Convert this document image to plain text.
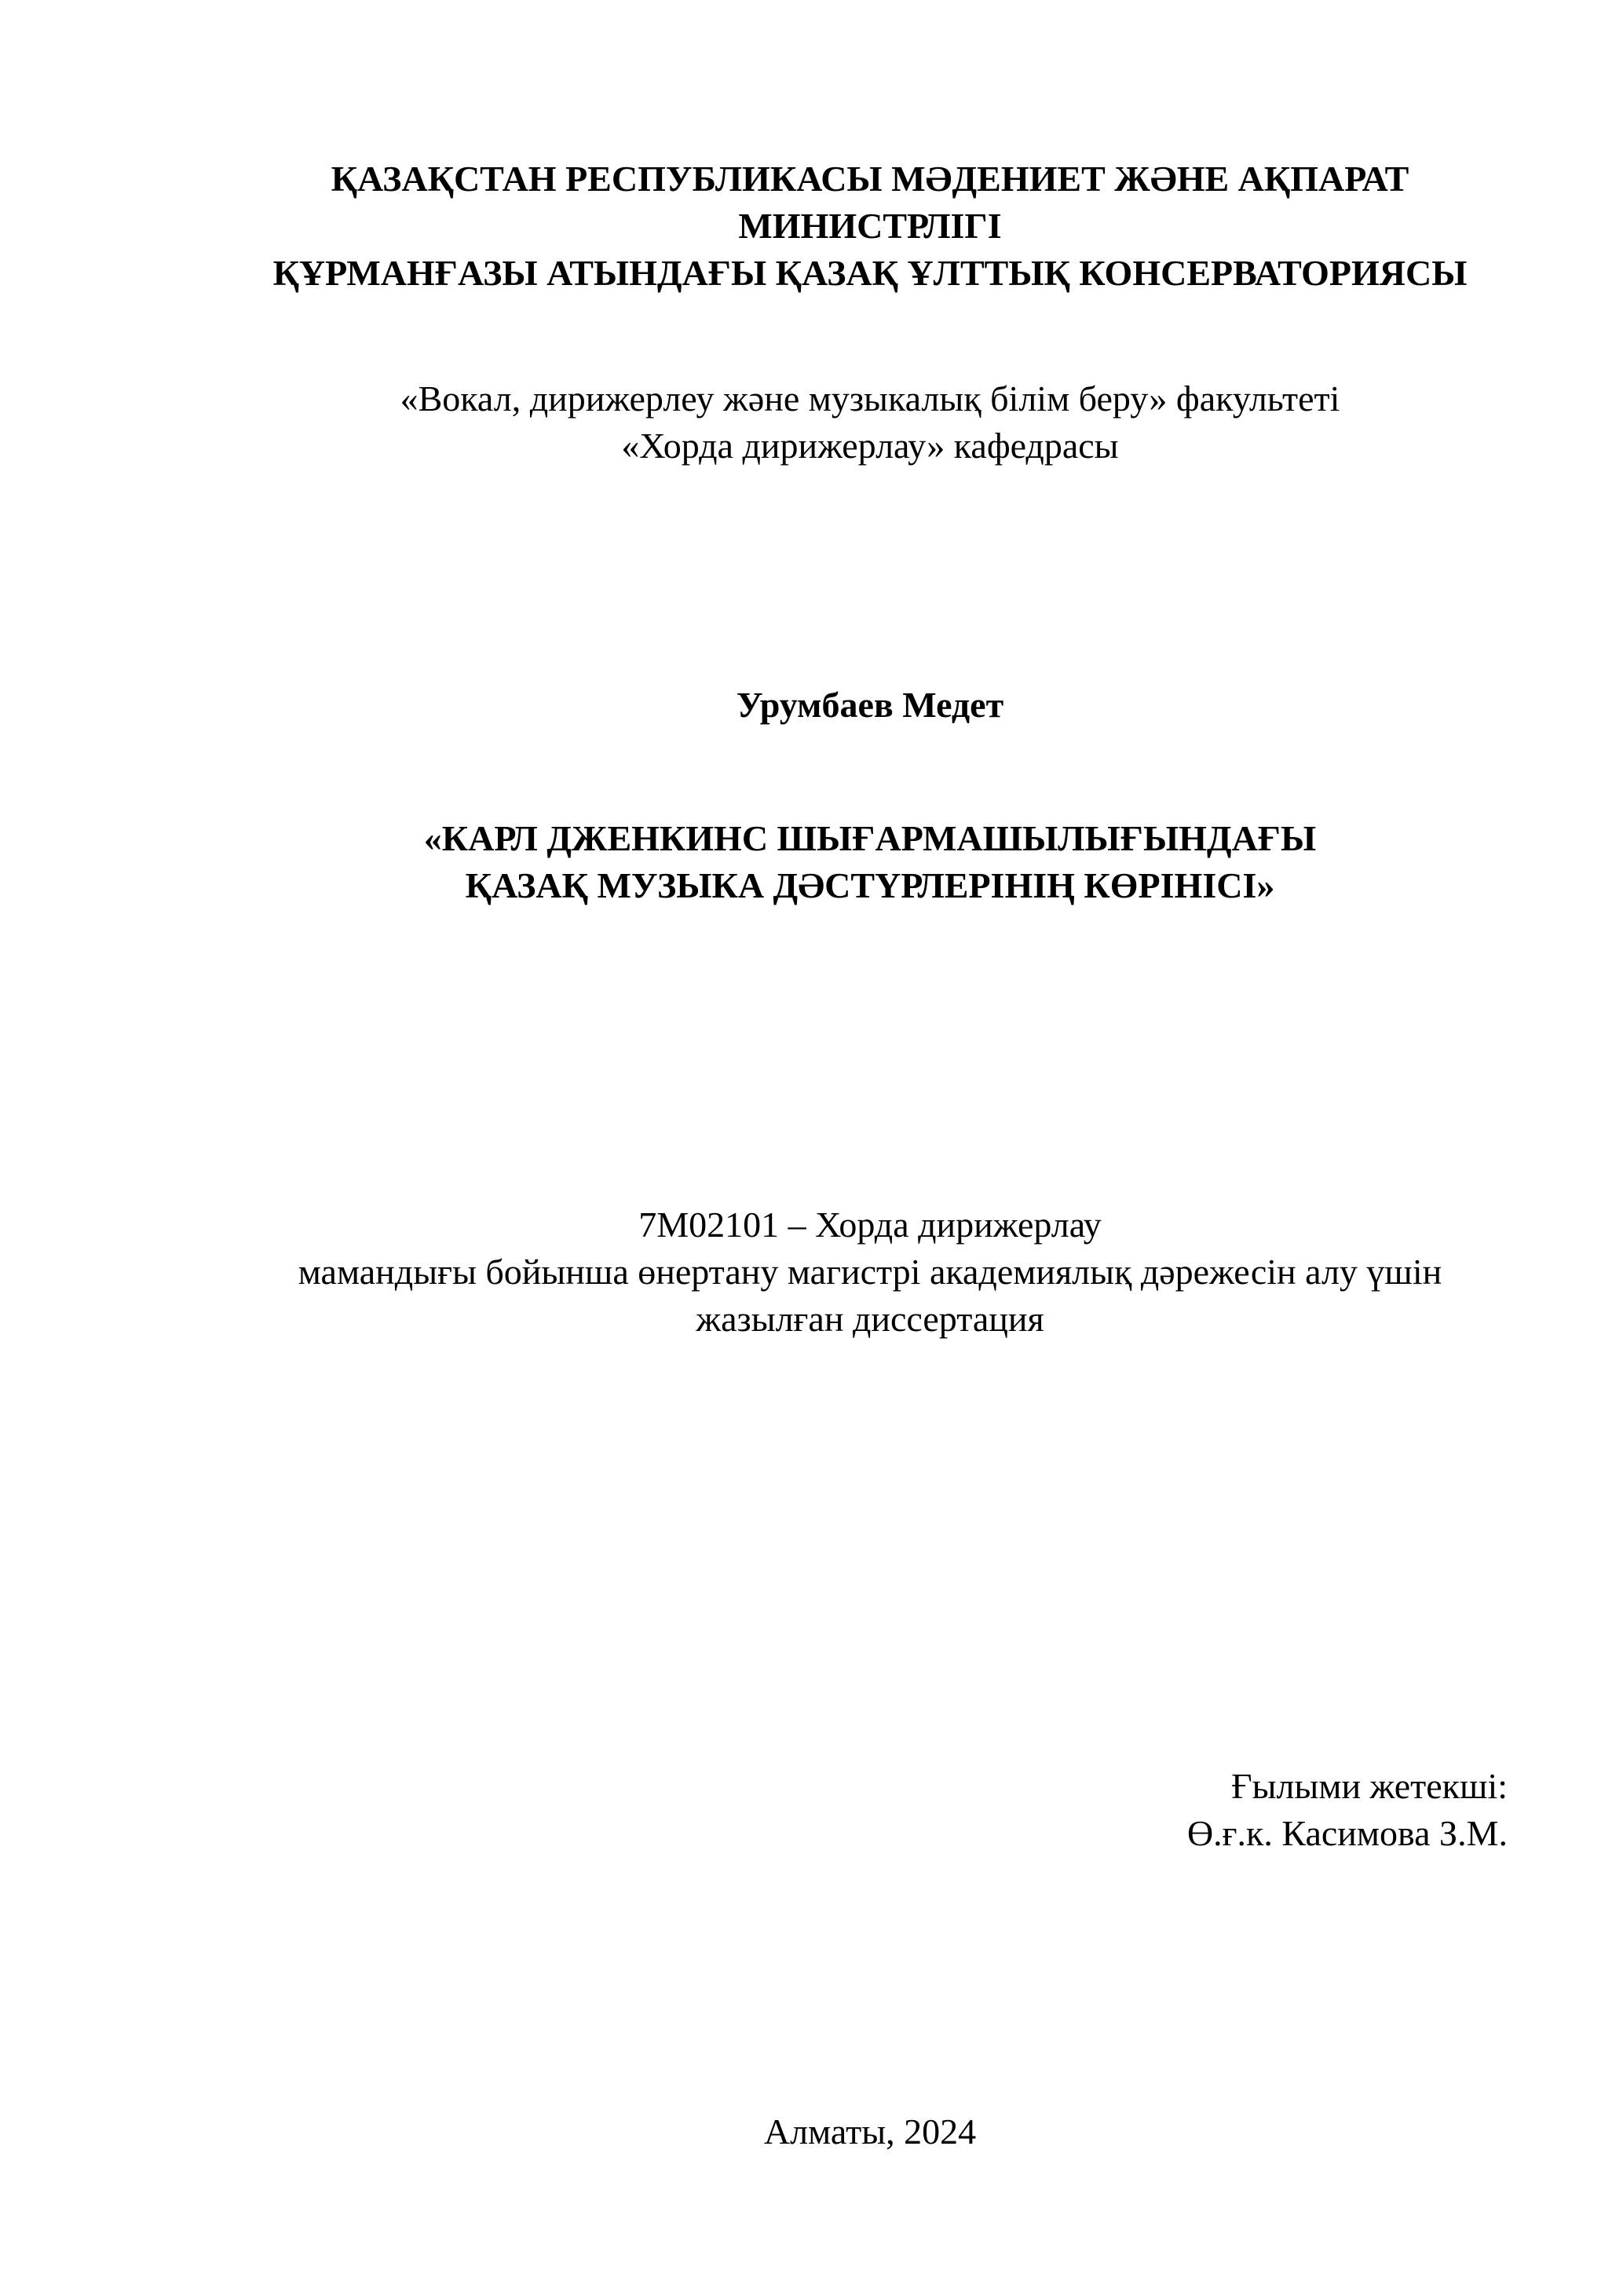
ҚАЗАҚСТАН РЕСПУБЛИКАСЫ МӘДЕНИЕТ ЖӘНЕ АҚПАРАТ
МИНИСТРЛІГІ
ҚҰРМАНҒАЗЫ АТЫНДАҒЫ ҚАЗАҚ ҰЛТТЫҚ КОНСЕРВАТОРИЯСЫ
«Вокал, дирижерлеу және музыкалық білім беру» факультеті
«Хорда дирижерлау» кафедрасы
Урумбаев Медет
«КАРЛ ДЖЕНКИНС ШЫҒАРМАШЫЛЫҒЫНДАҒЫ
ҚАЗАҚ МУЗЫКА ДӘСТҮРЛЕРІНІҢ КӨРІНІСІ»
7М02101 – Хорда дирижерлау
мамандығы бойынша өнертану магистрі академиялық дәрежесін алу үшін
жазылған диссертация
Ғылыми жетекші:
Ө.ғ.к. Касимова З.М.
Алматы, 2024
